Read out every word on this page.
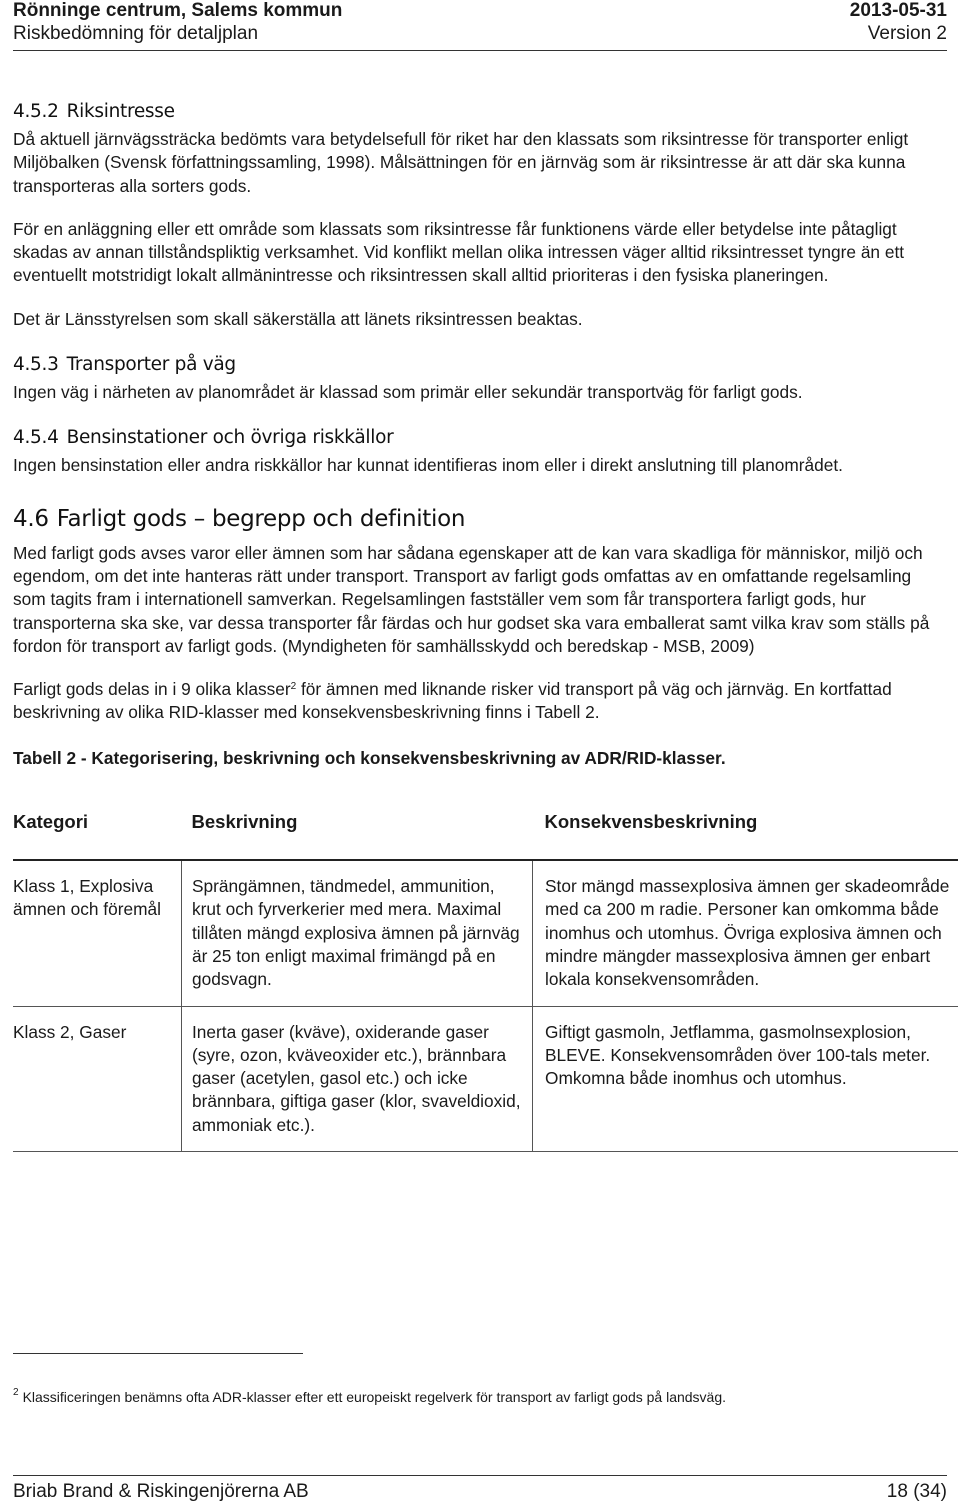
Rönninge centrum, Salems kommun	2013-05-31
Riskbedömning för detaljplan	Version 2
4.5.2 Riksintresse

Då aktuell järnvägssträcka bedömts vara betydelsefull för riket har den klassats som riksintresse för transporter enligt Miljöbalken (Svensk författningssamling, 1998). Målsättningen för en järnväg som är riksintresse är att där ska kunna transporteras alla sorters gods.

För en anläggning eller ett område som klassats som riksintresse får funktionens värde eller betydelse inte påtagligt skadas av annan tillståndspliktig verksamhet. Vid konflikt mellan olika intressen väger alltid riksintresset tyngre än ett eventuellt motstridigt lokalt allmänintresse och riksintressen skall alltid prioriteras i den fysiska planeringen.

Det är Länsstyrelsen som skall säkerställa att länets riksintressen beaktas.

4.5.3 Transporter på väg

Ingen väg i närheten av planområdet är klassad som primär eller sekundär transportväg för farligt gods.

4.5.4 Bensinstationer och övriga riskkällor

Ingen bensinstation eller andra riskkällor har kunnat identifieras inom eller i direkt anslutning till planområdet.

4.6 Farligt gods – begrepp och definition

Med farligt gods avses varor eller ämnen som har sådana egenskaper att de kan vara skadliga för människor, miljö och egendom, om det inte hanteras rätt under transport. Transport av farligt gods omfattas av en omfattande regelsamling som tagits fram i internationell samverkan. Regelsamlingen fastställer vem som får transportera farligt gods, hur transporterna ska ske, var dessa transporter får färdas och hur godset ska vara emballerat samt vilka krav som ställs på fordon för transport av farligt gods. (Myndigheten för samhällsskydd och beredskap - MSB, 2009)

Farligt gods delas in i 9 olika klasser$^2$ för ämnen med liknande risker vid transport på väg och järnväg. En kortfattad beskrivning av olika RID-klasser med konsekvensbeskrivning finns i Tabell 2.

Tabell 2 - Kategorisering, beskrivning och konsekvensbeskrivning av ADR/RID-klasser.
Kategori	Beskrivning	Konsekvensbeskrivning
Klass 1, Explosiva ämnen och föremål	Sprängämnen, tändmedel, ammunition, krut och fyrverkerier med mera. Maximal tillåten mängd explosiva ämnen på järnväg är 25 ton enligt maximal frimängd på en godsvagn.	Stor mängd massexplosiva ämnen ger skadeområde med ca 200 m radie. Personer kan omkomma både inomhus och utomhus. Övriga explosiva ämnen och mindre mängder massexplosiva ämnen ger enbart lokala konsekvensområden.
Klass 2, Gaser	Inerta gaser (kväve), oxiderande gaser (syre, ozon, kväveoxider etc.), brännbara gaser (acetylen, gasol etc.) och icke brännbara, giftiga gaser (klor, svaveldioxid, ammoniak etc.).	Giftigt gasmoln, Jetflamma, gasmolnsexplosion, BLEVE. Konsekvensområden över 100-tals meter. Omkomna både inomhus och utomhus.
$^2$ Klassificeringen benämns ofta ADR-klasser efter ett europeiskt regelverk för transport av farligt gods på landsväg.
Briab Brand & Riskingenjörerna AB	18 (34)
